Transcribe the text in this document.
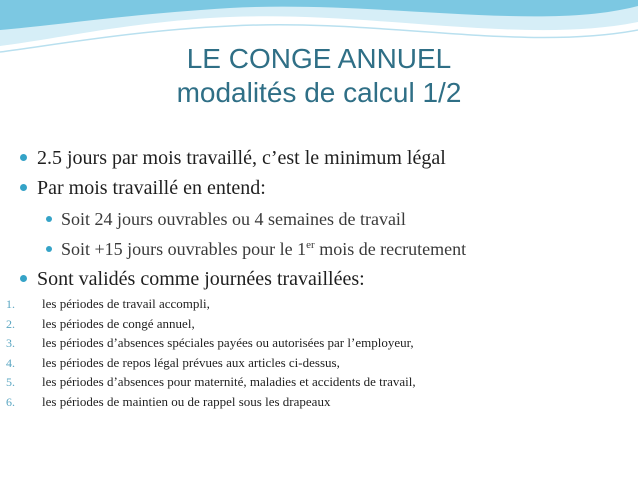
LE CONGE ANNUEL
modalités de calcul 1/2
2.5 jours par mois travaillé, c’est le minimum légal
Par mois travaillé en entend:
Soit 24 jours ouvrables ou 4 semaines de travail
Soit +15 jours ouvrables pour le 1er mois de recrutement
Sont validés comme journées travaillées:
1. les périodes de travail accompli,
2. les périodes de congé annuel,
3. les périodes d’absences spéciales payées ou autorisées par l’employeur,
4. les périodes de repos légal prévues aux articles ci-dessus,
5. les périodes d’absences pour maternité, maladies et accidents de travail,
6. les périodes de maintien ou de rappel sous les drapeaux
